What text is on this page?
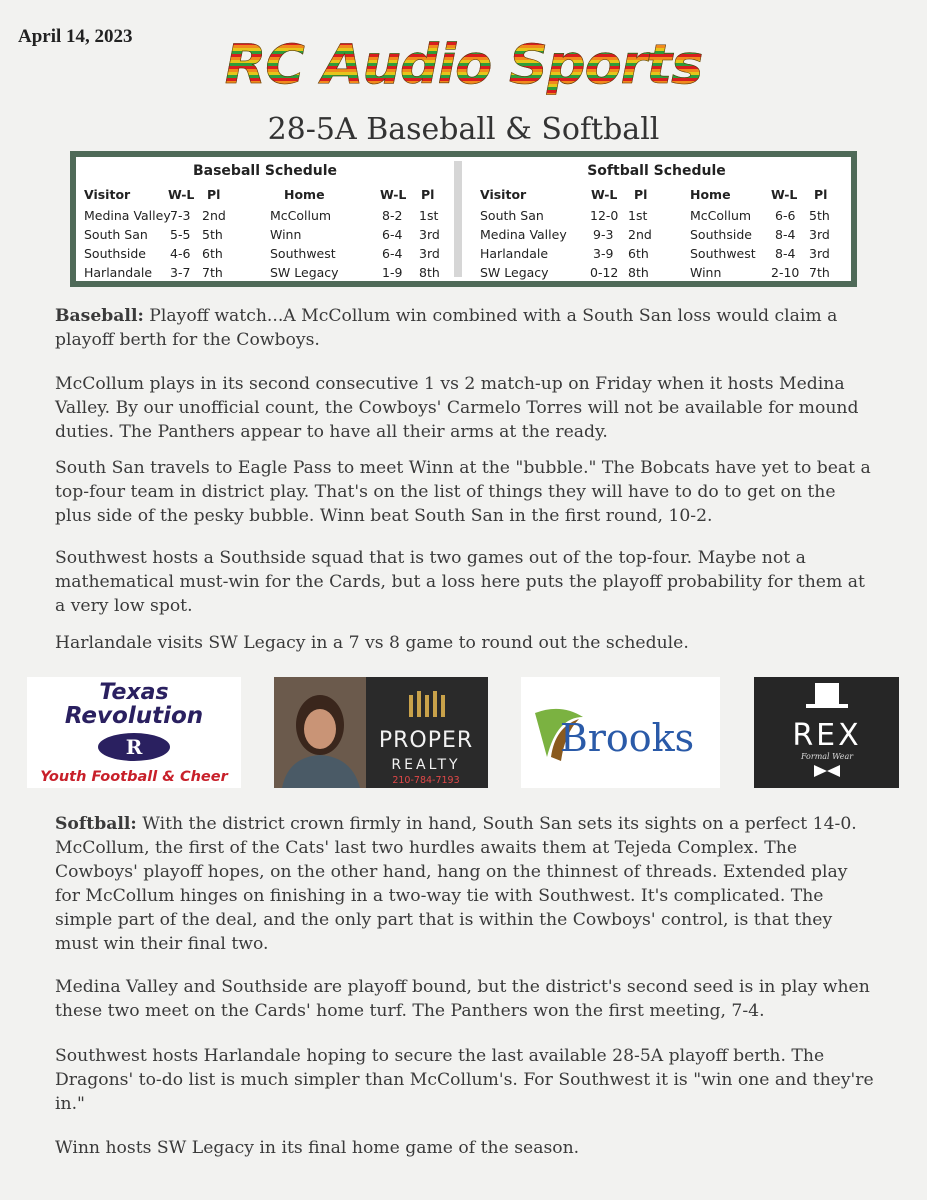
RC Audio Sports
28-5A Baseball & Softball
Baseball Schedule
Visitor	W-L Pl	Home	W-L Pl
Medina Valley 7-3 2nd	McCollum	8-2 1st
South San 5-5 5th	Winn	6-4 3rd
Southside 4-6 6th	Southwest	6-4 3rd
Harlandale 3-7 7th	SW Legacy	1-9 8th
Softball Schedule
Visitor	W-L Pl	Home	W-L Pl
South San	12-0 1st	McCollum 6-6 5th
Medina Valley 9-3 2nd	Southside 8-4 3rd
Harlandale	3-9 6th	Southwest 8-4 3rd
SW Legacy	0-12 8th	Winn	2-10 7th

Baseball: Playoff watch...A McCollum win combined with a South San loss would claim a playoff berth for the Cowboys.

McCollum plays in its second consecutive 1 vs 2 match-up on Friday when it hosts Medina Valley. By our unofficial count, the Cowboys' Carmelo Torres will not be available for mound duties. The Panthers appear to have all their arms at the ready.

South San travels to Eagle Pass to meet Winn at the "bubble." The Bobcats have yet to beat a top-four team in district play. That's on the list of things they will have to do to get on the plus side of the pesky bubble. Winn beat South San in the first round, 10-2.

Southwest hosts a Southside squad that is two games out of the top-four. Maybe not a mathematical must-win for the Cards, but a loss here puts the playoff probability for them at a very low spot.

Harlandale visits SW Legacy in a 7 vs 8 game to round out the schedule.

Texas
Revolution
R
Youth Football & Cheer
PROPER
REALTY
210-784-7193
Brooks	REX
Formal Wear

Softball: With the district crown firmly in hand, South San sets its sights on a perfect 14-0. McCollum, the first of the Cats' last two hurdles awaits them at Tejeda Complex. The Cowboys' playoff hopes, on the other hand, hang on the thinnest of threads. Extended play for McCollum hinges on finishing in a two-way tie with Southwest. It's complicated. The simple part of the deal, and the only part that is within the Cowboys' control, is that they must win their final two.

Medina Valley and Southside are playoff bound, but the district's second seed is in play when these two meet on the Cards' home turf. The Panthers won the first meeting, 7-4.

Southwest hosts Harlandale hoping to secure the last available 28-5A playoff berth. The Dragons' to-do list is much simpler than McCollum's. For Southwest it is "win one and they're in."

Winn hosts SW Legacy in its final home game of the season.
